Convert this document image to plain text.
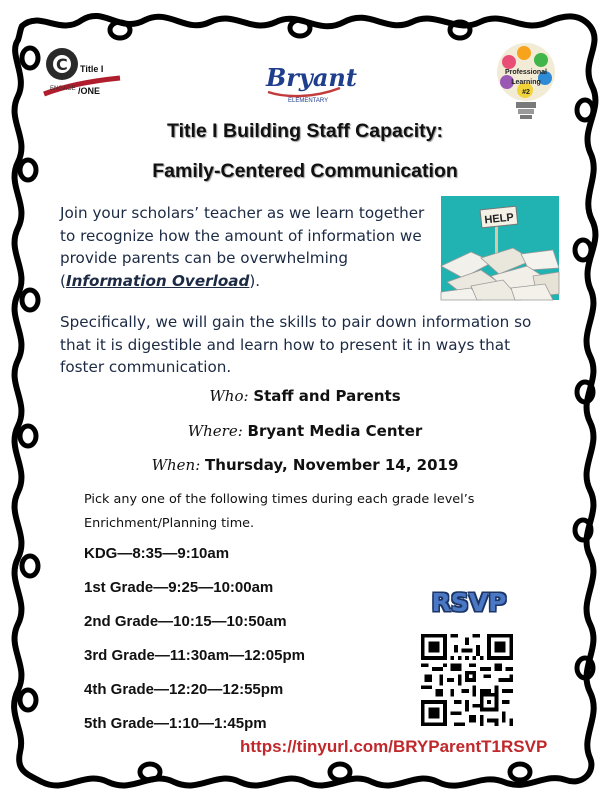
C Title I
ENGAGE /ONE	Bryant
ELEMENTARY
Professional
Learning
#2
Title I Building Staff Capacity:
Family-Centered Communication
Join your scholars’ teacher as we learn together to recognize how the amount of information we provide parents can be overwhelming (Information Overload).
HELP
Specifically, we will gain the skills to pair down information so that it is digestible and learn how to present it in ways that foster communication.
Who: Staff and Parents
Where: Bryant Media Center
When: Thursday, November 14, 2019
Pick any one of the following times during each grade level’s Enrichment/Planning time.
KDG—8:35—9:10am
1st Grade—9:25—10:00am
2nd Grade—10:15—10:50am
3rd Grade—11:30am—12:05pm
4th Grade—12:20—12:55pm
5th Grade—1:10—1:45pm
RSVP
https://tinyurl.com/BRYParentT1RSVP
